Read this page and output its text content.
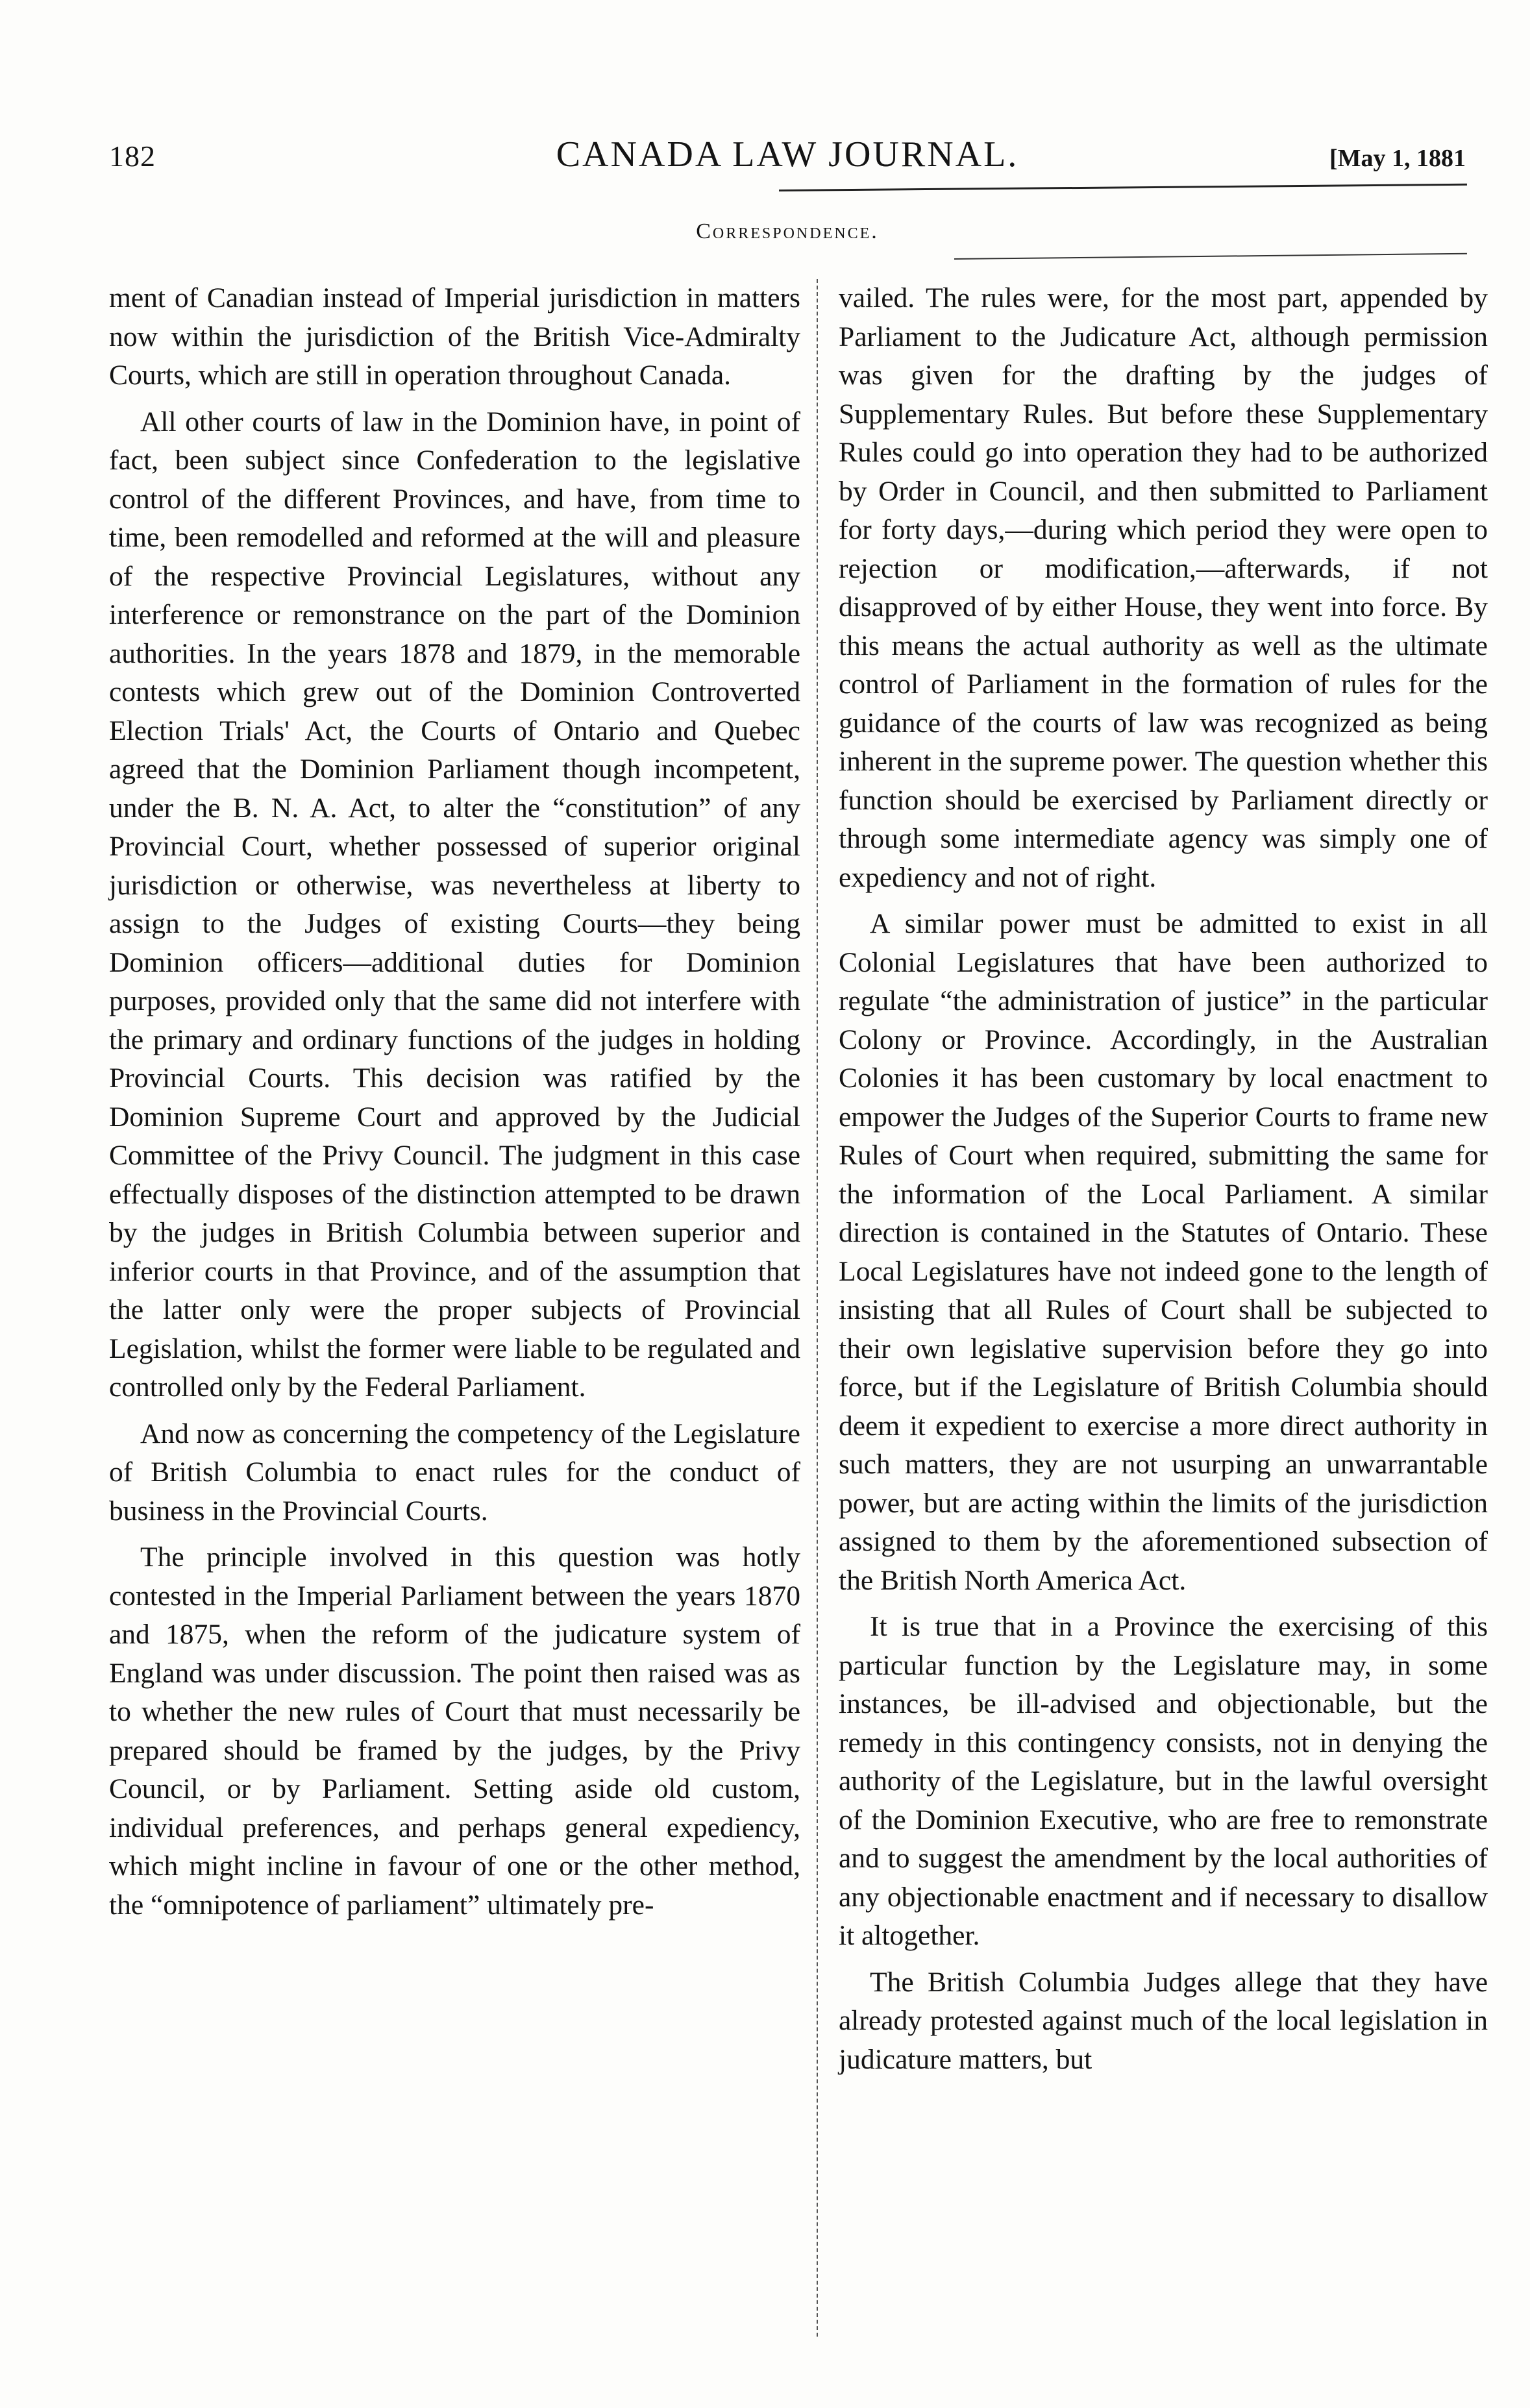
182	CANADA LAW JOURNAL.	[May 1, 1881
Correspondence.

ment of Canadian instead of Imperial jurisdiction in matters now within the jurisdiction of the British Vice-Admiralty Courts, which are still in operation throughout Canada.

All other courts of law in the Dominion have, in point of fact, been subject since Confederation to the legislative control of the different Provinces, and have, from time to time, been remodelled and reformed at the will and pleasure of the respective Provincial Legislatures, without any interference or remonstrance on the part of the Dominion authorities. In the years 1878 and 1879, in the memorable contests which grew out of the Dominion Controverted Election Trials' Act, the Courts of Ontario and Quebec agreed that the Dominion Parliament though incompetent, under the B. N. A. Act, to alter the “constitution” of any Provincial Court, whether possessed of superior original jurisdiction or otherwise, was nevertheless at liberty to assign to the Judges of existing Courts—they being Dominion officers—additional duties for Dominion purposes, provided only that the same did not interfere with the primary and ordinary functions of the judges in holding Provincial Courts. This decision was ratified by the Dominion Supreme Court and approved by the Judicial Committee of the Privy Council. The judgment in this case effectually disposes of the distinction attempted to be drawn by the judges in British Columbia between superior and inferior courts in that Province, and of the assumption that the latter only were the proper subjects of Provincial Legislation, whilst the former were liable to be regulated and controlled only by the Federal Parliament.

And now as concerning the competency of the Legislature of British Columbia to enact rules for the conduct of business in the Provincial Courts.

The principle involved in this question was hotly contested in the Imperial Parliament between the years 1870 and 1875, when the reform of the judicature system of England was under discussion. The point then raised was as to whether the new rules of Court that must necessarily be prepared should be framed by the judges, by the Privy Council, or by Parliament. Setting aside old custom, individual preferences, and perhaps general expediency, which might incline in favour of one or the other method, the “omnipotence of parliament” ultimately pre-

vailed. The rules were, for the most part, appended by Parliament to the Judicature Act, although permission was given for the drafting by the judges of Supplementary Rules. But before these Supplementary Rules could go into operation they had to be authorized by Order in Council, and then submitted to Parliament for forty days,—during which period they were open to rejection or modification,—afterwards, if not disapproved of by either House, they went into force. By this means the actual authority as well as the ultimate control of Parliament in the formation of rules for the guidance of the courts of law was recognized as being inherent in the supreme power. The question whether this function should be exercised by Parliament directly or through some intermediate agency was simply one of expediency and not of right.

A similar power must be admitted to exist in all Colonial Legislatures that have been authorized to regulate “the administration of justice” in the particular Colony or Province. Accordingly, in the Australian Colonies it has been customary by local enactment to empower the Judges of the Superior Courts to frame new Rules of Court when required, submitting the same for the information of the Local Parliament. A similar direction is contained in the Statutes of Ontario. These Local Legislatures have not indeed gone to the length of insisting that all Rules of Court shall be subjected to their own legislative supervision before they go into force, but if the Legislature of British Columbia should deem it expedient to exercise a more direct authority in such matters, they are not usurping an unwarrantable power, but are acting within the limits of the jurisdiction assigned to them by the aforementioned subsection of the British North America Act.

It is true that in a Province the exercising of this particular function by the Legislature may, in some instances, be ill-advised and objectionable, but the remedy in this contingency consists, not in denying the authority of the Legislature, but in the lawful oversight of the Dominion Executive, who are free to remonstrate and to suggest the amendment by the local authorities of any objectionable enactment and if necessary to disallow it altogether.

The British Columbia Judges allege that they have already protested against much of the local legislation in judicature matters, but
